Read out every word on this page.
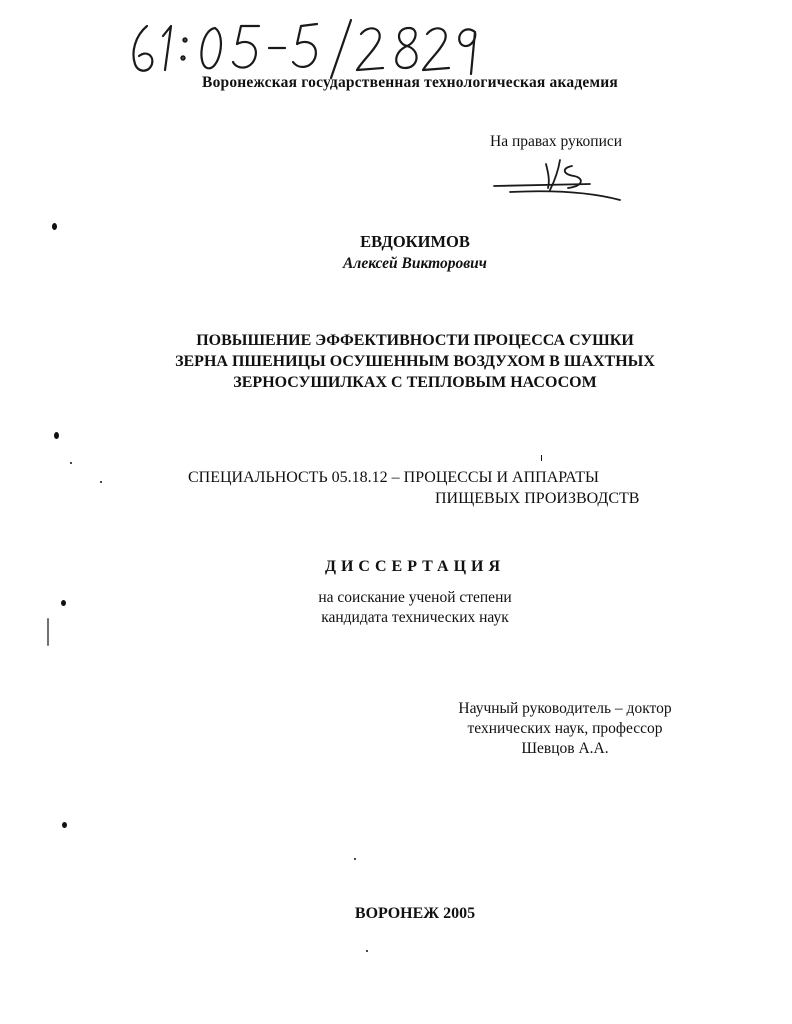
Воронежская государственная технологическая академия
На правах рукописи
ЕВДОКИМОВ
Алексей Викторович
ПОВЫШЕНИЕ ЭФФЕКТИВНОСТИ ПРОЦЕССА СУШКИ
ЗЕРНА ПШЕНИЦЫ ОСУШЕННЫМ ВОЗДУХОМ В ШАХТНЫХ
ЗЕРНОСУШИЛКАХ С ТЕПЛОВЫМ НАСОСОМ
СПЕЦИАЛЬНОСТЬ 05.18.12 – ПРОЦЕССЫ И АППАРАТЫ
ПИЩЕВЫХ ПРОИЗВОДСТВ
ДИССЕРТАЦИЯ
на соискание ученой степени
кандидата технических наук
Научный руководитель – доктор
технических наук, профессор
Шевцов А.А.
ВОРОНЕЖ 2005
